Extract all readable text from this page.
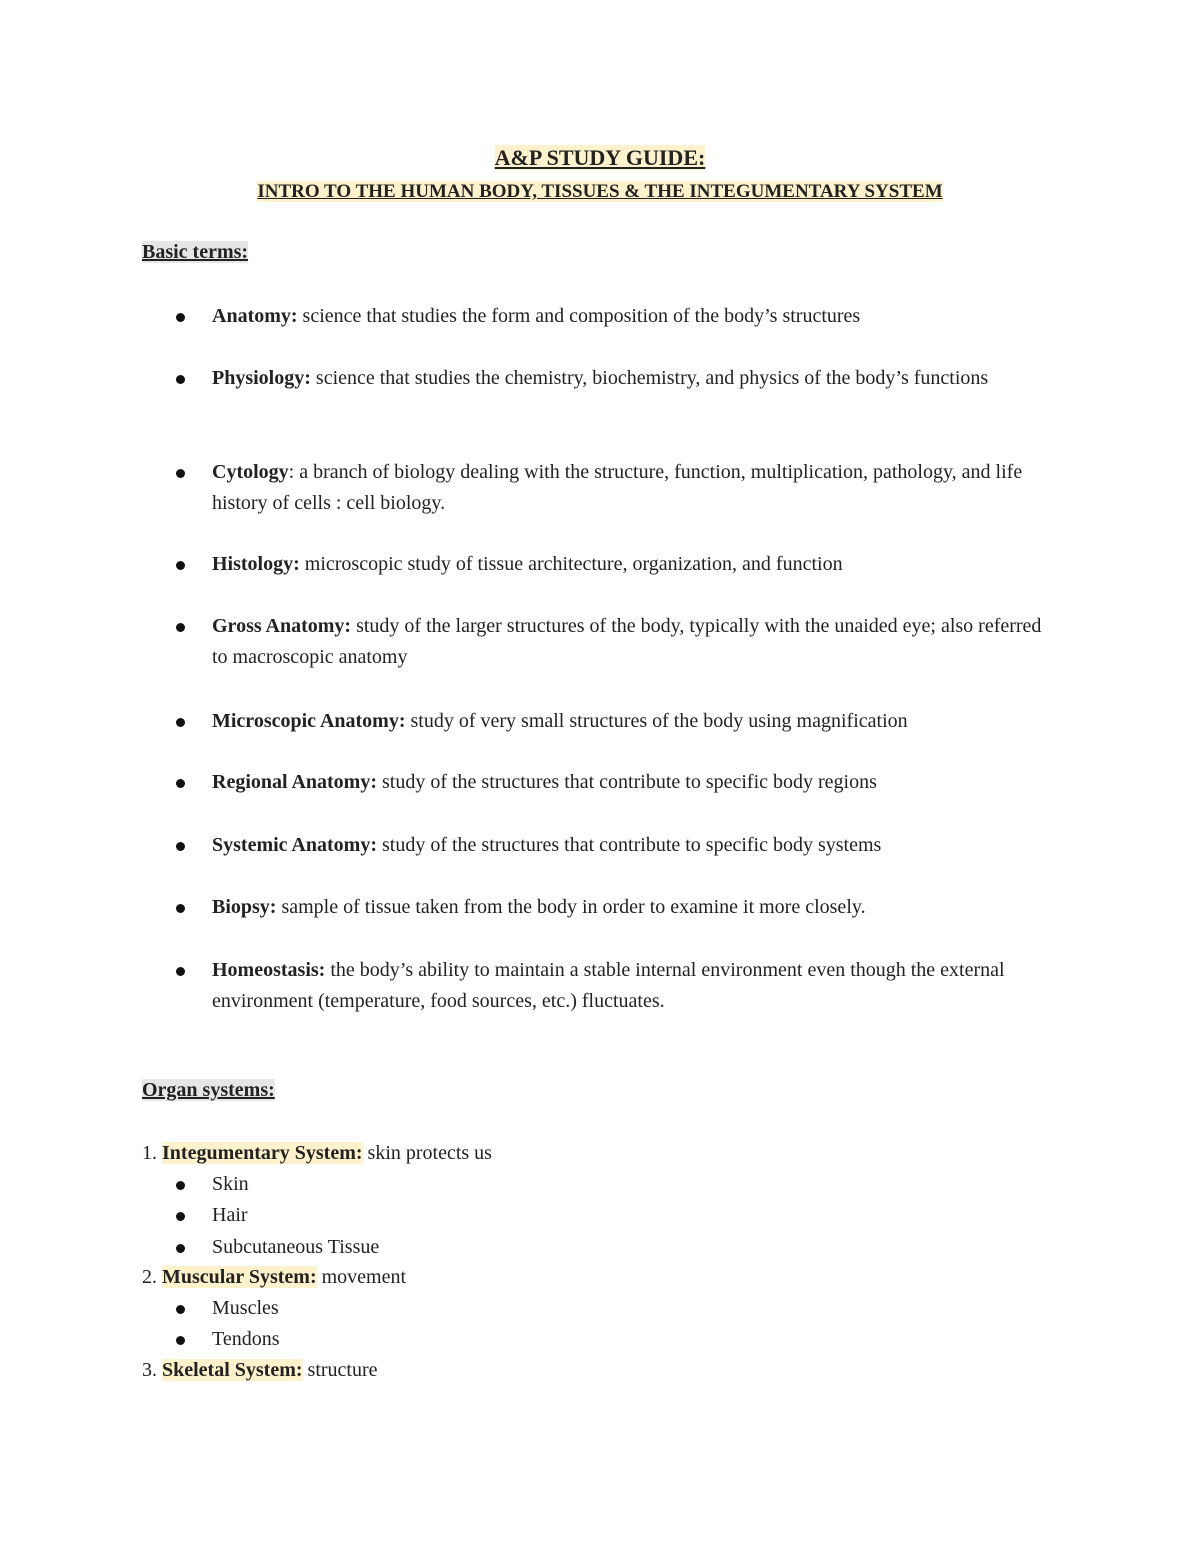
A&P STUDY GUIDE:
INTRO TO THE HUMAN BODY, TISSUES & THE INTEGUMENTARY SYSTEM
Basic terms:
Anatomy: science that studies the form and composition of the body’s structures
Physiology: science that studies the chemistry, biochemistry, and physics of the body’s functions
Cytology: a branch of biology dealing with the structure, function, multiplication, pathology, and life history of cells : cell biology.
Histology: microscopic study of tissue architecture, organization, and function
Gross Anatomy: study of the larger structures of the body, typically with the unaided eye; also referred to macroscopic anatomy
Microscopic Anatomy: study of very small structures of the body using magnification
Regional Anatomy: study of the structures that contribute to specific body regions
Systemic Anatomy: study of the structures that contribute to specific body systems
Biopsy: sample of tissue taken from the body in order to examine it more closely.
Homeostasis: the body’s ability to maintain a stable internal environment even though the external environment (temperature, food sources, etc.) fluctuates.
Organ systems:
1. Integumentary System: skin protects us
Skin
Hair
Subcutaneous Tissue
2. Muscular System: movement
Muscles
Tendons
3. Skeletal System: structure
